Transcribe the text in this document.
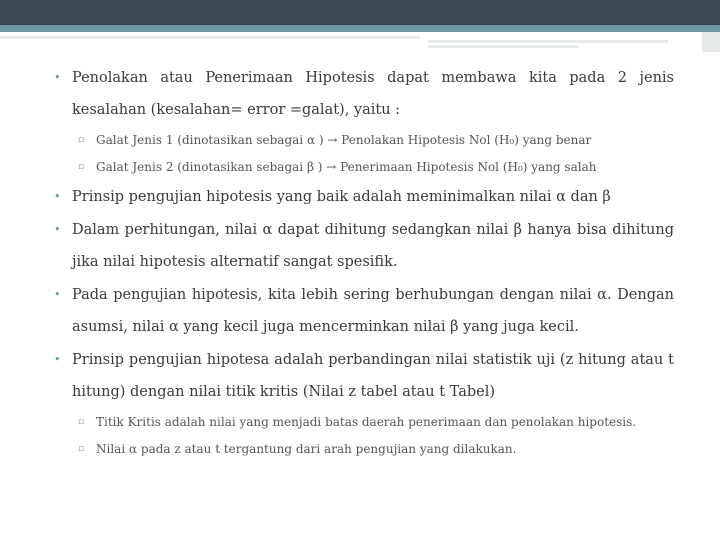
• Penolakan atau Penerimaan Hipotesis dapat membawa kita pada 2 jenis kesalahan (kesalahan= error =galat), yaitu :
▫ Galat Jenis 1 (dinotasikan sebagai α ) → Penolakan Hipotesis Nol (H₀) yang benar
▫ Galat Jenis 2 (dinotasikan sebagai β ) → Penerimaan Hipotesis Nol (H₀) yang salah
• Prinsip pengujian hipotesis yang baik adalah meminimalkan nilai α dan β
• Dalam perhitungan, nilai α dapat dihitung sedangkan nilai β hanya bisa dihitung jika nilai hipotesis alternatif sangat spesifik.
• Pada pengujian hipotesis, kita lebih sering berhubungan dengan nilai α. Dengan asumsi, nilai α yang kecil juga mencerminkan nilai β yang juga kecil.
• Prinsip pengujian hipotesa adalah perbandingan nilai statistik uji (z hitung atau t hitung) dengan nilai titik kritis (Nilai z tabel atau t Tabel)
▫ Titik Kritis adalah nilai yang menjadi batas daerah penerimaan dan penolakan hipotesis.
▫ Nilai α pada z atau t tergantung dari arah pengujian yang dilakukan.
